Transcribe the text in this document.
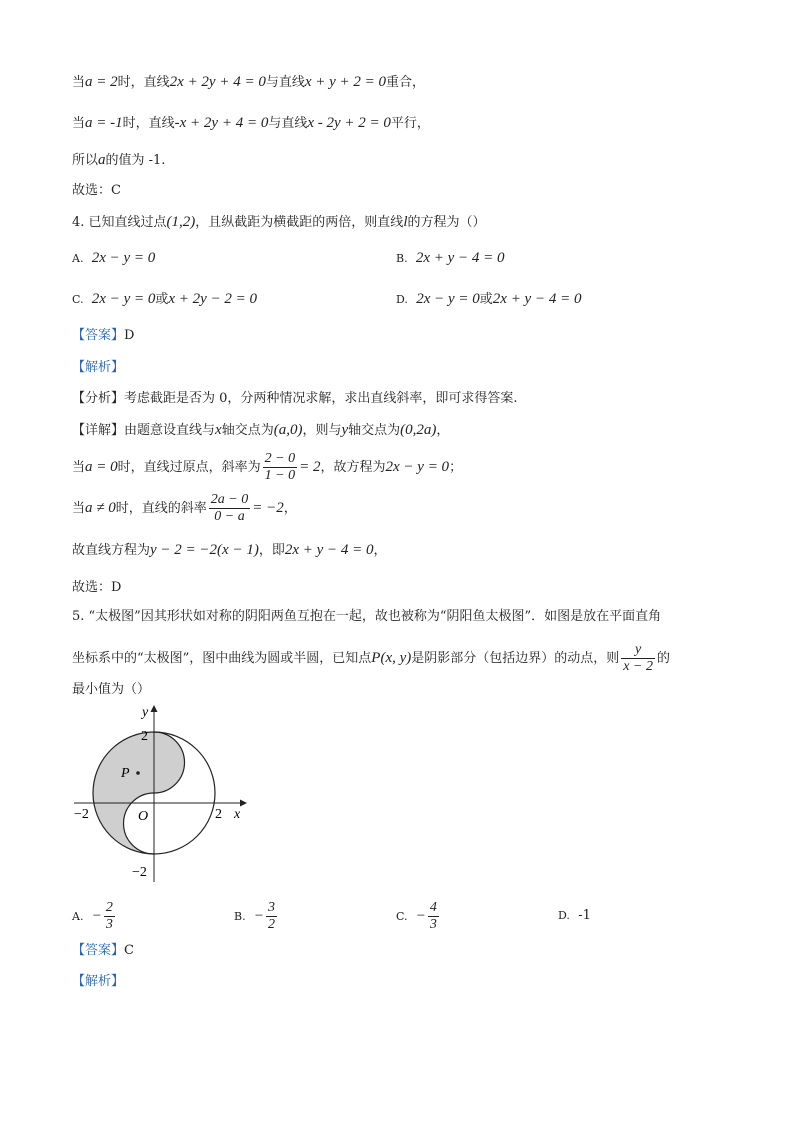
当a = 2时，直线2x + 2y + 4 = 0与直线x + y + 2 = 0重合，
当a = -1时，直线-x + 2y + 4 = 0与直线x - 2y + 2 = 0平行，
所以a的值为 -1.
故选：C
4. 已知直线过点(1,2)，且纵截距为横截距的两倍，则直线l的方程为（）
A. 2x − y = 0	B. 2x + y − 4 = 0
C. 2x − y = 0或x + 2y − 2 = 0	D. 2x − y = 0或2x + y − 4 = 0
【答案】D
【解析】
【分析】考虑截距是否为 0，分两种情况求解，求出直线斜率，即可求得答案.
【详解】由题意设直线与x轴交点为(a,0)，则与y轴交点为(0,2a)，
当a = 0时，直线过原点，斜率为 $\frac{2 - 0}{1 - 0} = 2$，故方程为2x − y = 0；
当a ≠ 0时，直线的斜率 $\frac{2a - 0}{0 - a} = -2$，
故直线方程为y − 2 = −2(x − 1)，即2x + y − 4 = 0，
故选：D
5. “太极图”因其形状如对称的阴阳两鱼互抱在一起，故也被称为“阴阳鱼太极图”．如图是放在平面直角
坐标系中的“太极图”，图中曲线为圆或半圆，已知点P(x, y)是阴影部分（包括边界）的动点，则 $\frac{y}{x - 2}$ 的
最小值为（）
y
x
O
2
−2
−2	2
P
A. − $\frac{2}{3}$	B. − $\frac{3}{2}$	C. − $\frac{4}{3}$	D. -1
【答案】C
【解析】
